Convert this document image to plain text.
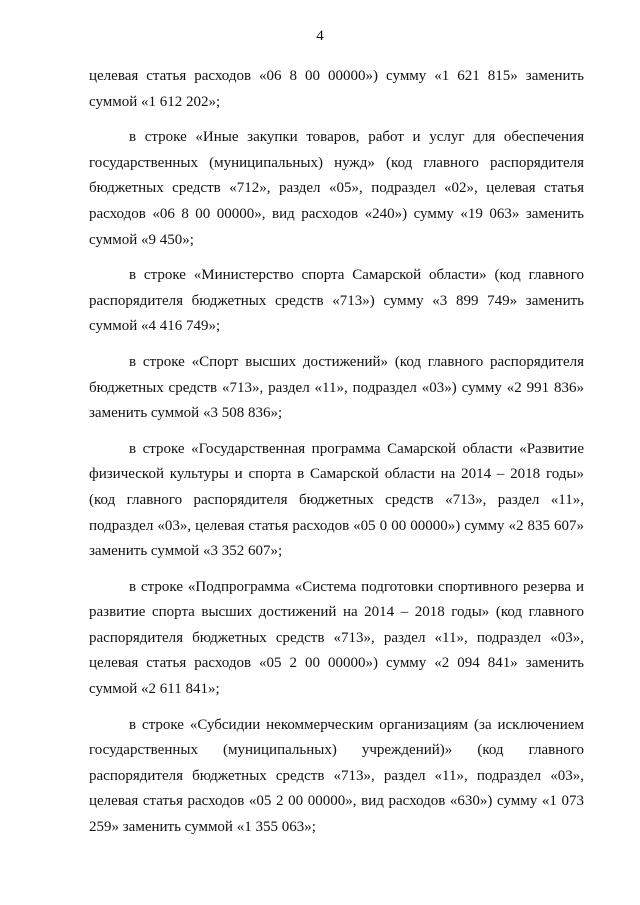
4

целевая статья расходов «06 8 00 00000») сумму «1 621 815» заменить суммой «1 612 202»;

в строке «Иные закупки товаров, работ и услуг для обеспечения государственных (муниципальных) нужд» (код главного распорядителя бюджетных средств «712», раздел «05», подраздел «02», целевая статья расходов «06 8 00 00000», вид расходов «240») сумму «19 063» заменить суммой «9 450»;

в строке «Министерство спорта Самарской области» (код главного распорядителя бюджетных средств «713») сумму «3 899 749» заменить суммой «4 416 749»;

в строке «Спорт высших достижений» (код главного распорядителя бюджетных средств «713», раздел «11», подраздел «03») сумму «2 991 836» заменить суммой «3 508 836»;

в строке «Государственная программа Самарской области «Развитие физической культуры и спорта в Самарской области на 2014 – 2018 годы» (код главного распорядителя бюджетных средств «713», раздел «11», подраздел «03», целевая статья расходов «05 0 00 00000») сумму «2 835 607» заменить суммой «3 352 607»;

в строке «Подпрограмма «Система подготовки спортивного резерва и развитие спорта высших достижений на 2014 – 2018 годы» (код главного распорядителя бюджетных средств «713», раздел «11», подраздел «03», целевая статья расходов «05 2 00 00000») сумму «2 094 841» заменить суммой «2 611 841»;

в строке «Субсидии некоммерческим организациям (за исключением государственных (муниципальных) учреждений)» (код главного распорядителя бюджетных средств «713», раздел «11», подраздел «03», целевая статья расходов «05 2 00 00000», вид расходов «630») сумму «1 073 259» заменить суммой «1 355 063»;
